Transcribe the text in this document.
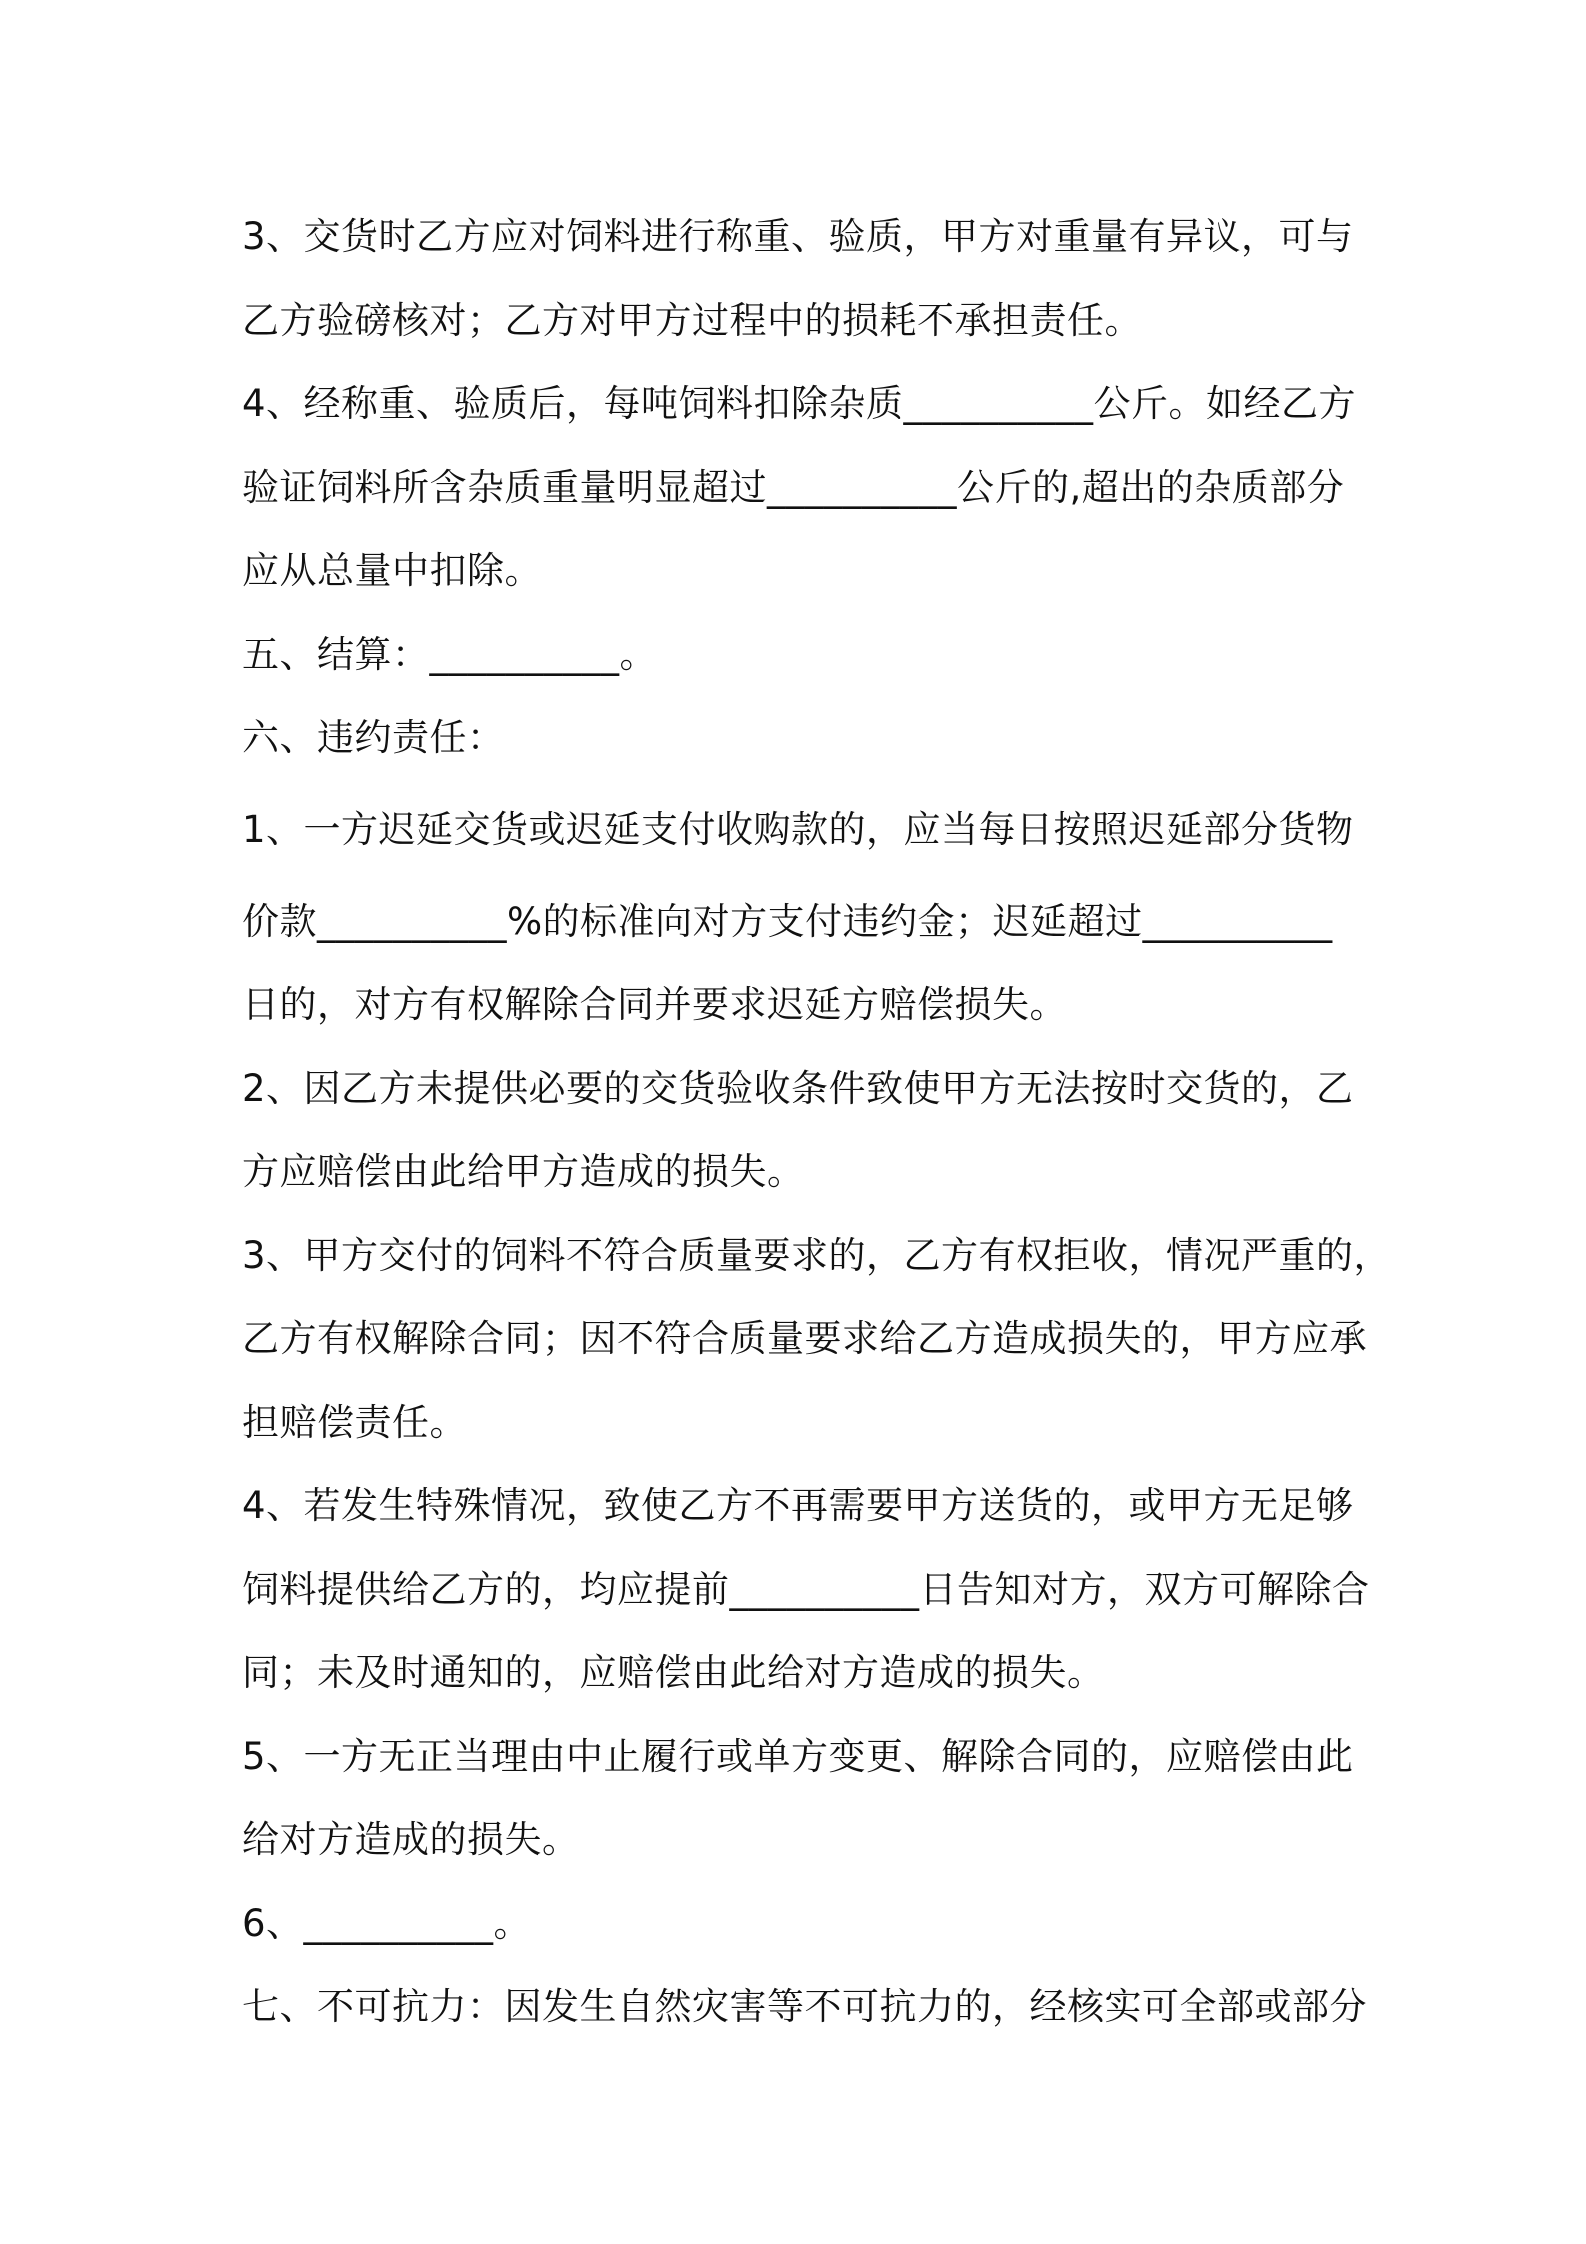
3、交货时乙方应对饲料进行称重、验质，甲方对重量有异议，可与
乙方验磅核对；乙方对甲方过程中的损耗不承担责任。
4、经称重、验质后，每吨饲料扣除杂质__________公斤。如经乙方
验证饲料所含杂质重量明显超过__________公斤的,超出的杂质部分
应从总量中扣除。
五、结算：__________。
六、违约责任：
1、一方迟延交货或迟延支付收购款的，应当每日按照迟延部分货物
价款__________%的标准向对方支付违约金；迟延超过__________
日的，对方有权解除合同并要求迟延方赔偿损失。
2、因乙方未提供必要的交货验收条件致使甲方无法按时交货的，乙
方应赔偿由此给甲方造成的损失。
3、甲方交付的饲料不符合质量要求的，乙方有权拒收，情况严重的，
乙方有权解除合同；因不符合质量要求给乙方造成损失的，甲方应承
担赔偿责任。
4、若发生特殊情况，致使乙方不再需要甲方送货的，或甲方无足够
饲料提供给乙方的，均应提前__________日告知对方，双方可解除合
同；未及时通知的，应赔偿由此给对方造成的损失。
5、一方无正当理由中止履行或单方变更、解除合同的，应赔偿由此
给对方造成的损失。
6、__________。
七、不可抗力：因发生自然灾害等不可抗力的，经核实可全部或部分
